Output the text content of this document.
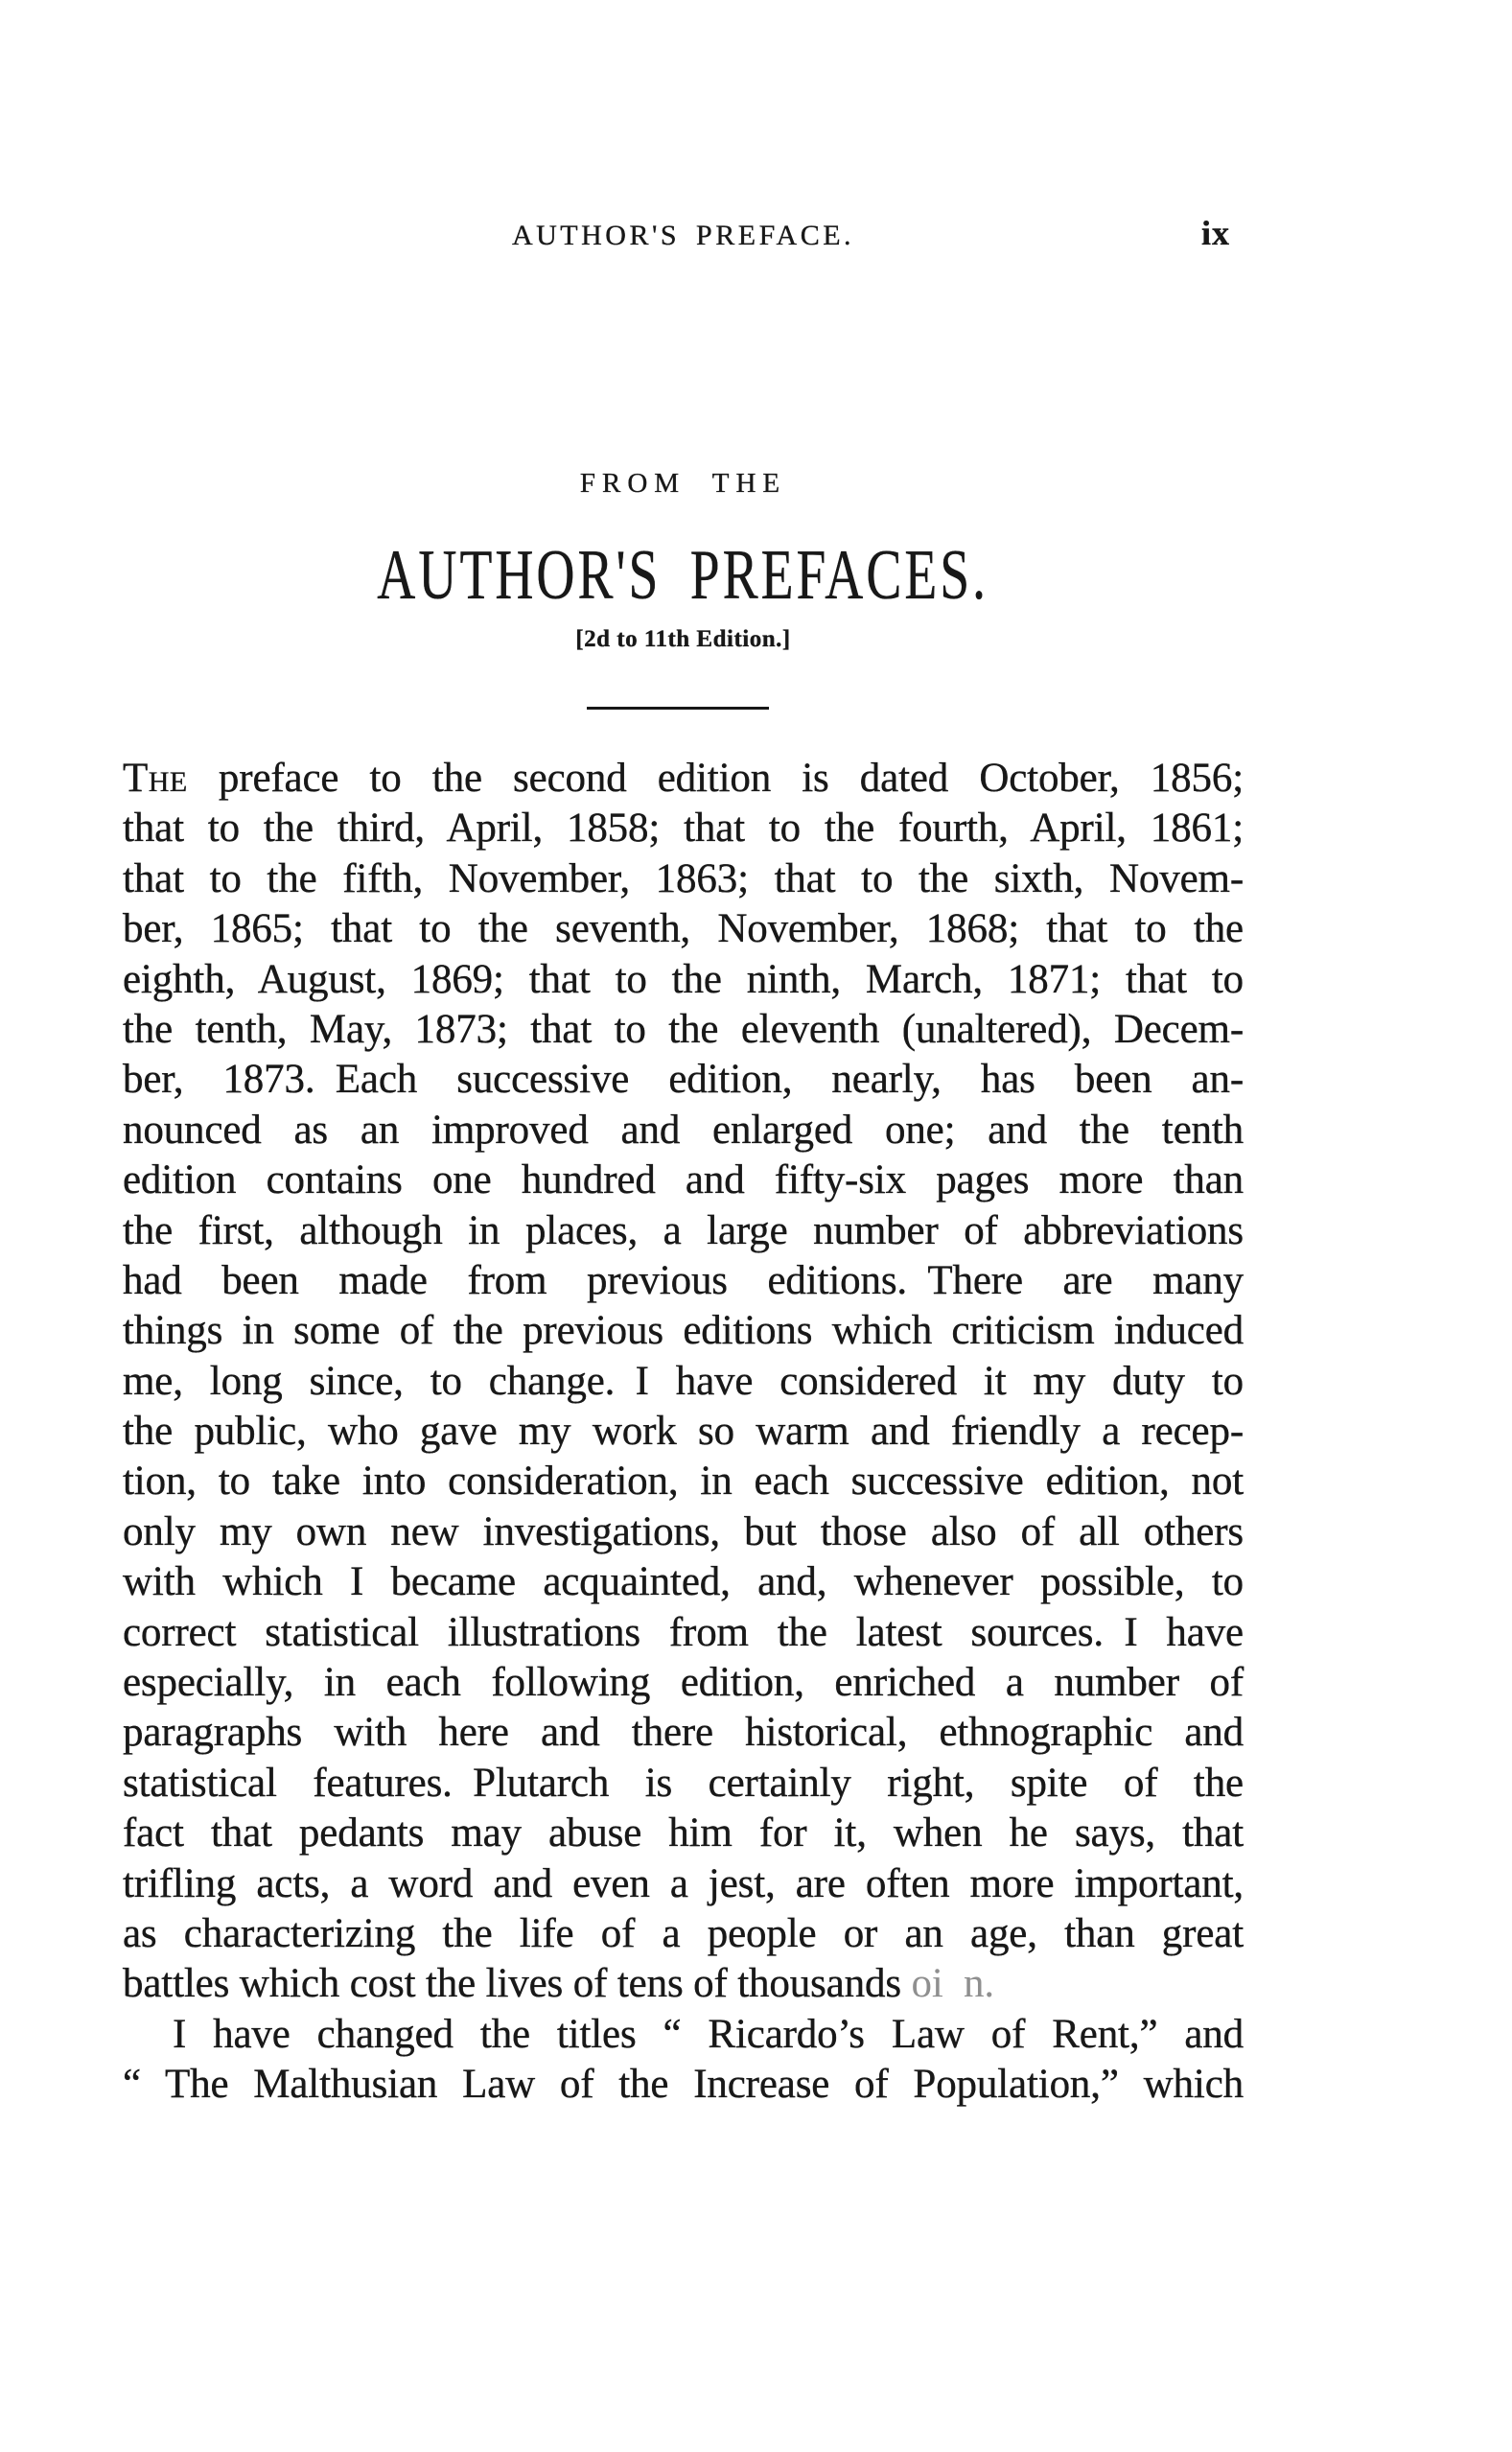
AUTHOR'S PREFACE.	ix
FROM THE
AUTHOR'S PREFACES.
[2d to 11th Edition.]
The preface to the second edition is dated October, 1856;
that to the third, April, 1858; that to the fourth, April, 1861;
that to the fifth, November, 1863; that to the sixth, Novem-
ber, 1865; that to the seventh, November, 1868; that to the
eighth, August, 1869; that to the ninth, March, 1871; that to
the tenth, May, 1873; that to the eleventh (unaltered), Decem-
ber, 1873. Each successive edition, nearly, has been an-
nounced as an improved and enlarged one; and the tenth
edition contains one hundred and fifty-six pages more than
the first, although in places, a large number of abbreviations
had been made from previous editions. There are many
things in some of the previous editions which criticism induced
me, long since, to change. I have considered it my duty to
the public, who gave my work so warm and friendly a recep-
tion, to take into consideration, in each successive edition, not
only my own new investigations, but those also of all others
with which I became acquainted, and, whenever possible, to
correct statistical illustrations from the latest sources. I have
especially, in each following edition, enriched a number of
paragraphs with here and there historical, ethnographic and
statistical features. Plutarch is certainly right, spite of the
fact that pedants may abuse him for it, when he says, that
trifling acts, a word and even a jest, are often more important,
as characterizing the life of a people or an age, than great
battles which cost the lives of tens of thousands oi n.
I have changed the titles “ Ricardo’s Law of Rent,” and
“ The Malthusian Law of the Increase of Population,” which
